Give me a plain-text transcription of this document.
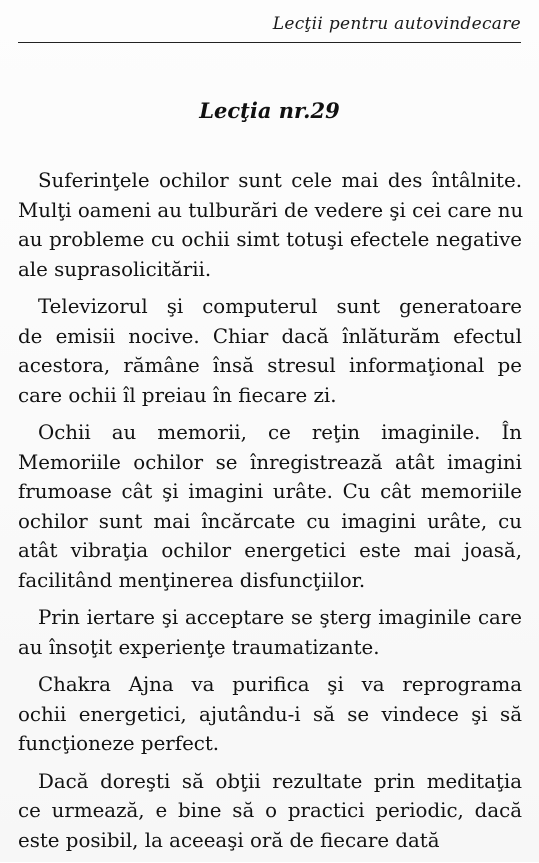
Lecţii pentru autovindecare
Lecţia nr.29

Suferinţele ochilor sunt cele mai des întâlnite.
Mulţi oameni au tulburări de vedere şi cei care nu
au probleme cu ochii simt totuşi efectele negative
ale suprasolicitării.

Televizorul şi computerul sunt generatoare
de emisii nocive. Chiar dacă înlăturăm efectul
acestora, rămâne însă stresul informaţional pe
care ochii îl preiau în fiecare zi.

Ochii au memorii, ce reţin imaginile. În
Memoriile ochilor se înregistrează atât imagini
frumoase cât şi imagini urâte. Cu cât memoriile
ochilor sunt mai încărcate cu imagini urâte, cu
atât vibraţia ochilor energetici este mai joasă,
facilitând menţinerea disfuncţiilor.

Prin iertare şi acceptare se şterg imaginile care
au însoţit experienţe traumatizante.

Chakra Ajna va purifica şi va reprograma
ochii energetici, ajutându-i să se vindece şi să
funcţioneze perfect.

Dacă doreşti să obţii rezultate prin meditaţia
ce urmează, e bine să o practici periodic, dacă
este posibil, la aceeaşi oră de fiecare dată
